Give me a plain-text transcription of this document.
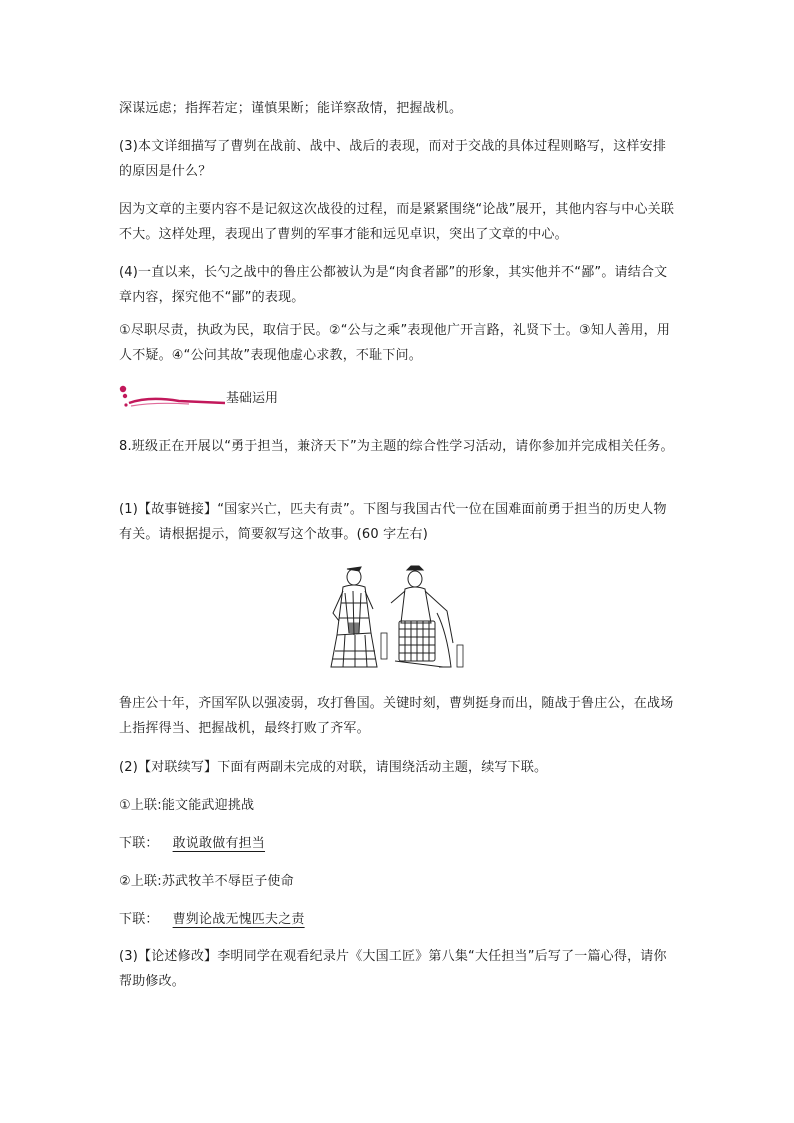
深谋远虑；指挥若定；谨慎果断；能详察敌情，把握战机。

(3)本文详细描写了曹刿在战前、战中、战后的表现，而对于交战的具体过程则略写，这样安排的原因是什么？

因为文章的主要内容不是记叙这次战役的过程，而是紧紧围绕“论战”展开，其他内容与中心关联不大。这样处理，表现出了曹刿的军事才能和远见卓识，突出了文章的中心。

(4)一直以来，长勺之战中的鲁庄公都被认为是“肉食者鄙”的形象，其实他并不“鄙”。请结合文章内容，探究他不“鄙”的表现。

①尽职尽责，执政为民，取信于民。②“公与之乘”表现他广开言路，礼贤下士。③知人善用，用人不疑。④“公问其故”表现他虚心求教，不耻下问。

基础运用

8.班级正在开展以“勇于担当，兼济天下”为主题的综合性学习活动，请你参加并完成相关任务。

(1)【故事链接】“国家兴亡，匹夫有责”。下图与我国古代一位在国难面前勇于担当的历史人物有关。请根据提示，简要叙写这个故事。(60 字左右)

鲁庄公十年，齐国军队以强凌弱，攻打鲁国。关键时刻，曹刿挺身而出，随战于鲁庄公，在战场上指挥得当、把握战机，最终打败了齐军。

(2)【对联续写】下面有两副未完成的对联，请围绕活动主题，续写下联。

①上联:能文能武迎挑战

下联： 敢说敢做有担当

②上联:苏武牧羊不辱臣子使命

下联： 曹刿论战无愧匹夫之责

(3)【论述修改】李明同学在观看纪录片《大国工匠》第八集“大任担当”后写了一篇心得，请你帮助修改。
